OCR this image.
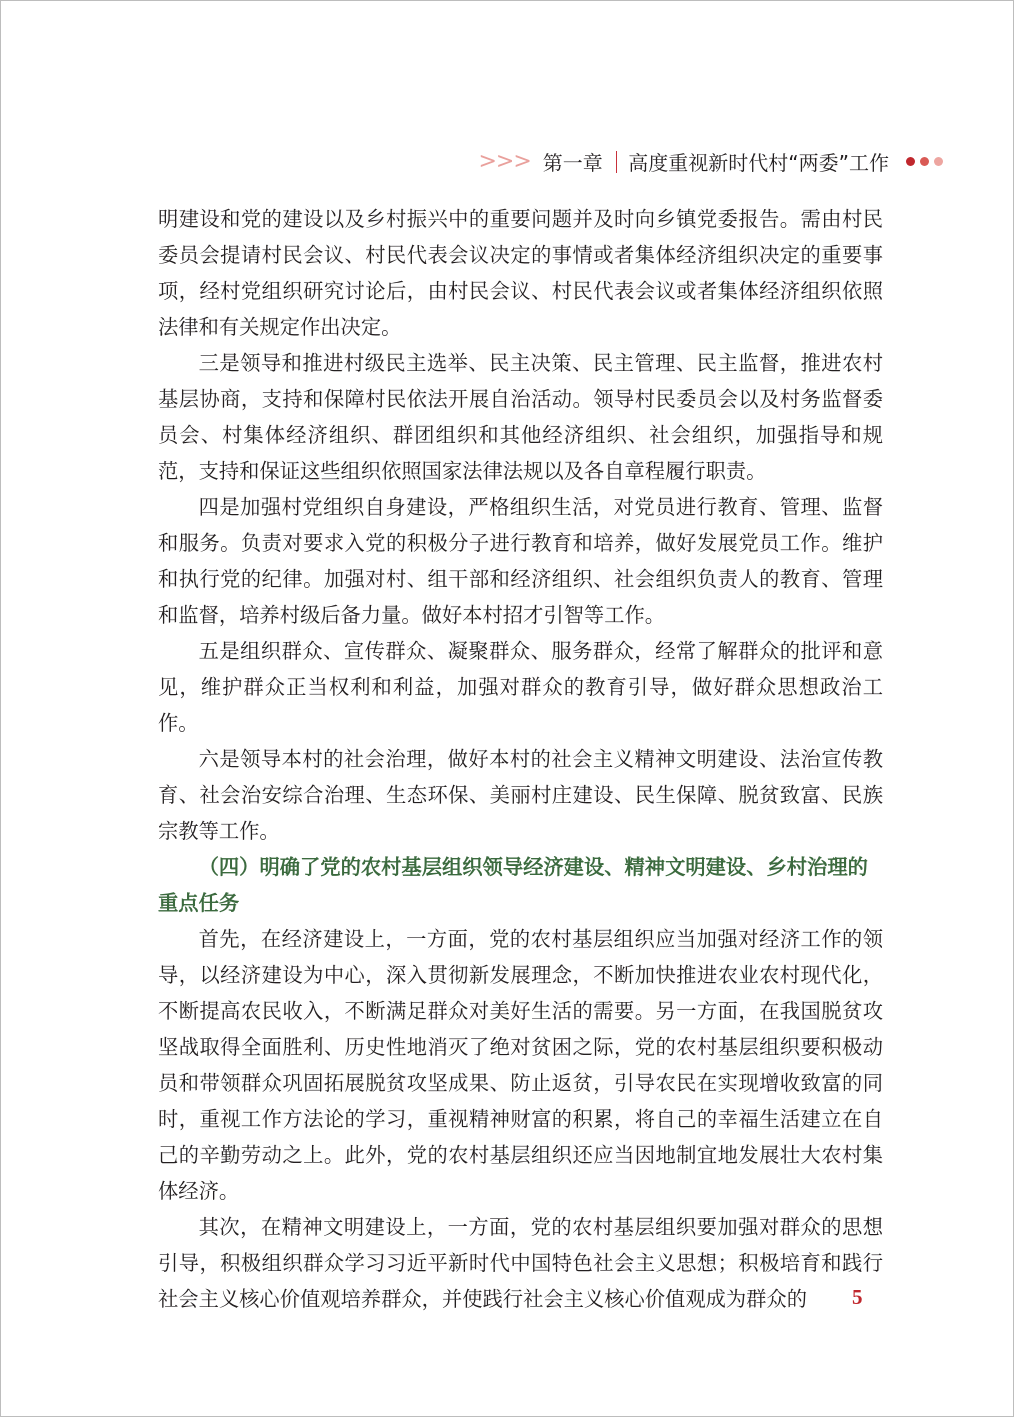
>>> 第一章 高度重视新时代村“两委”工作

明建设和党的建设以及乡村振兴中的重要问题并及时向乡镇党委报告。需由村民委员会提请村民会议、村民代表会议决定的事情或者集体经济组织决定的重要事项，经村党组织研究讨论后，由村民会议、村民代表会议或者集体经济组织依照法律和有关规定作出决定。

三是领导和推进村级民主选举、民主决策、民主管理、民主监督，推进农村基层协商，支持和保障村民依法开展自治活动。领导村民委员会以及村务监督委员会、村集体经济组织、群团组织和其他经济组织、社会组织，加强指导和规范，支持和保证这些组织依照国家法律法规以及各自章程履行职责。

四是加强村党组织自身建设，严格组织生活，对党员进行教育、管理、监督和服务。负责对要求入党的积极分子进行教育和培养，做好发展党员工作。维护和执行党的纪律。加强对村、组干部和经济组织、社会组织负责人的教育、管理和监督，培养村级后备力量。做好本村招才引智等工作。

五是组织群众、宣传群众、凝聚群众、服务群众，经常了解群众的批评和意见，维护群众正当权利和利益，加强对群众的教育引导，做好群众思想政治工作。

六是领导本村的社会治理，做好本村的社会主义精神文明建设、法治宣传教育、社会治安综合治理、生态环保、美丽村庄建设、民生保障、脱贫致富、民族宗教等工作。

（四）明确了党的农村基层组织领导经济建设、精神文明建设、乡村治理的重点任务

首先，在经济建设上，一方面，党的农村基层组织应当加强对经济工作的领导，以经济建设为中心，深入贯彻新发展理念，不断加快推进农业农村现代化，不断提高农民收入，不断满足群众对美好生活的需要。另一方面，在我国脱贫攻坚战取得全面胜利、历史性地消灭了绝对贫困之际，党的农村基层组织要积极动员和带领群众巩固拓展脱贫攻坚成果、防止返贫，引导农民在实现增收致富的同时，重视工作方法论的学习，重视精神财富的积累，将自己的幸福生活建立在自己的辛勤劳动之上。此外，党的农村基层组织还应当因地制宜地发展壮大农村集体经济。

其次，在精神文明建设上，一方面，党的农村基层组织要加强对群众的思想引导，积极组织群众学习习近平新时代中国特色社会主义思想；积极培育和践行社会主义核心价值观培养群众，并使践行社会主义核心价值观成为群众的	5
